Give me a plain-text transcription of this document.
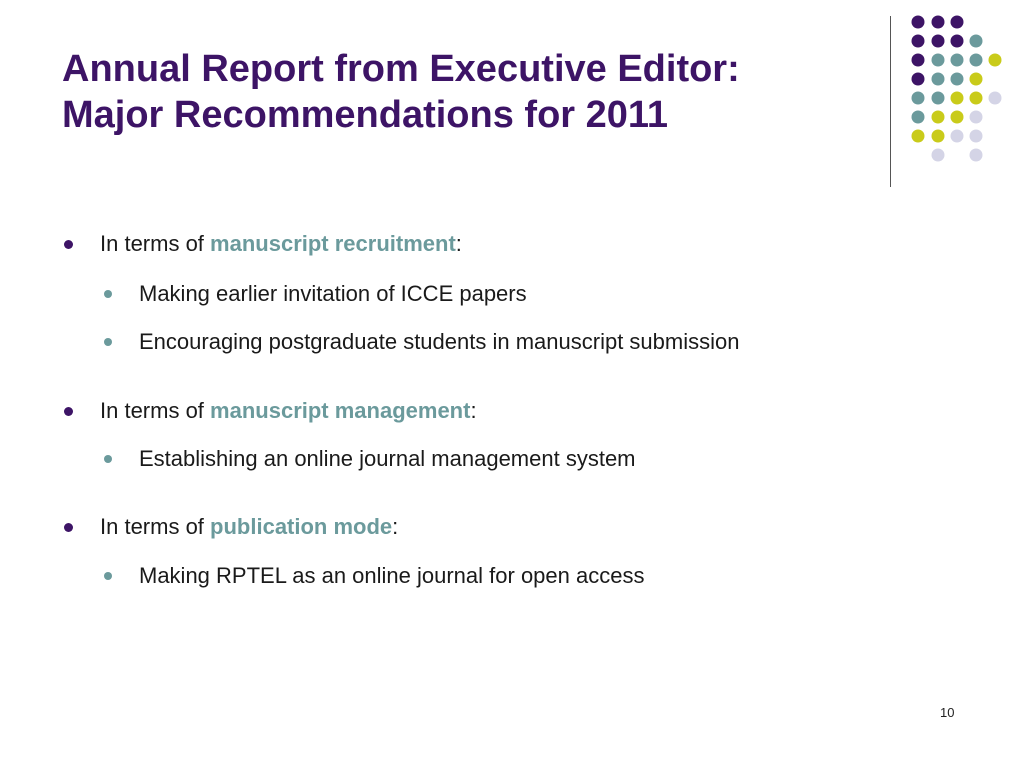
Annual Report from Executive Editor:
Major Recommendations for 2011
In terms of manuscript recruitment:
Making earlier invitation of ICCE papers
Encouraging postgraduate students in manuscript submission
In terms of manuscript management:
Establishing an online journal management system
In terms of publication mode:
Making RPTEL as an online journal for open access
10
